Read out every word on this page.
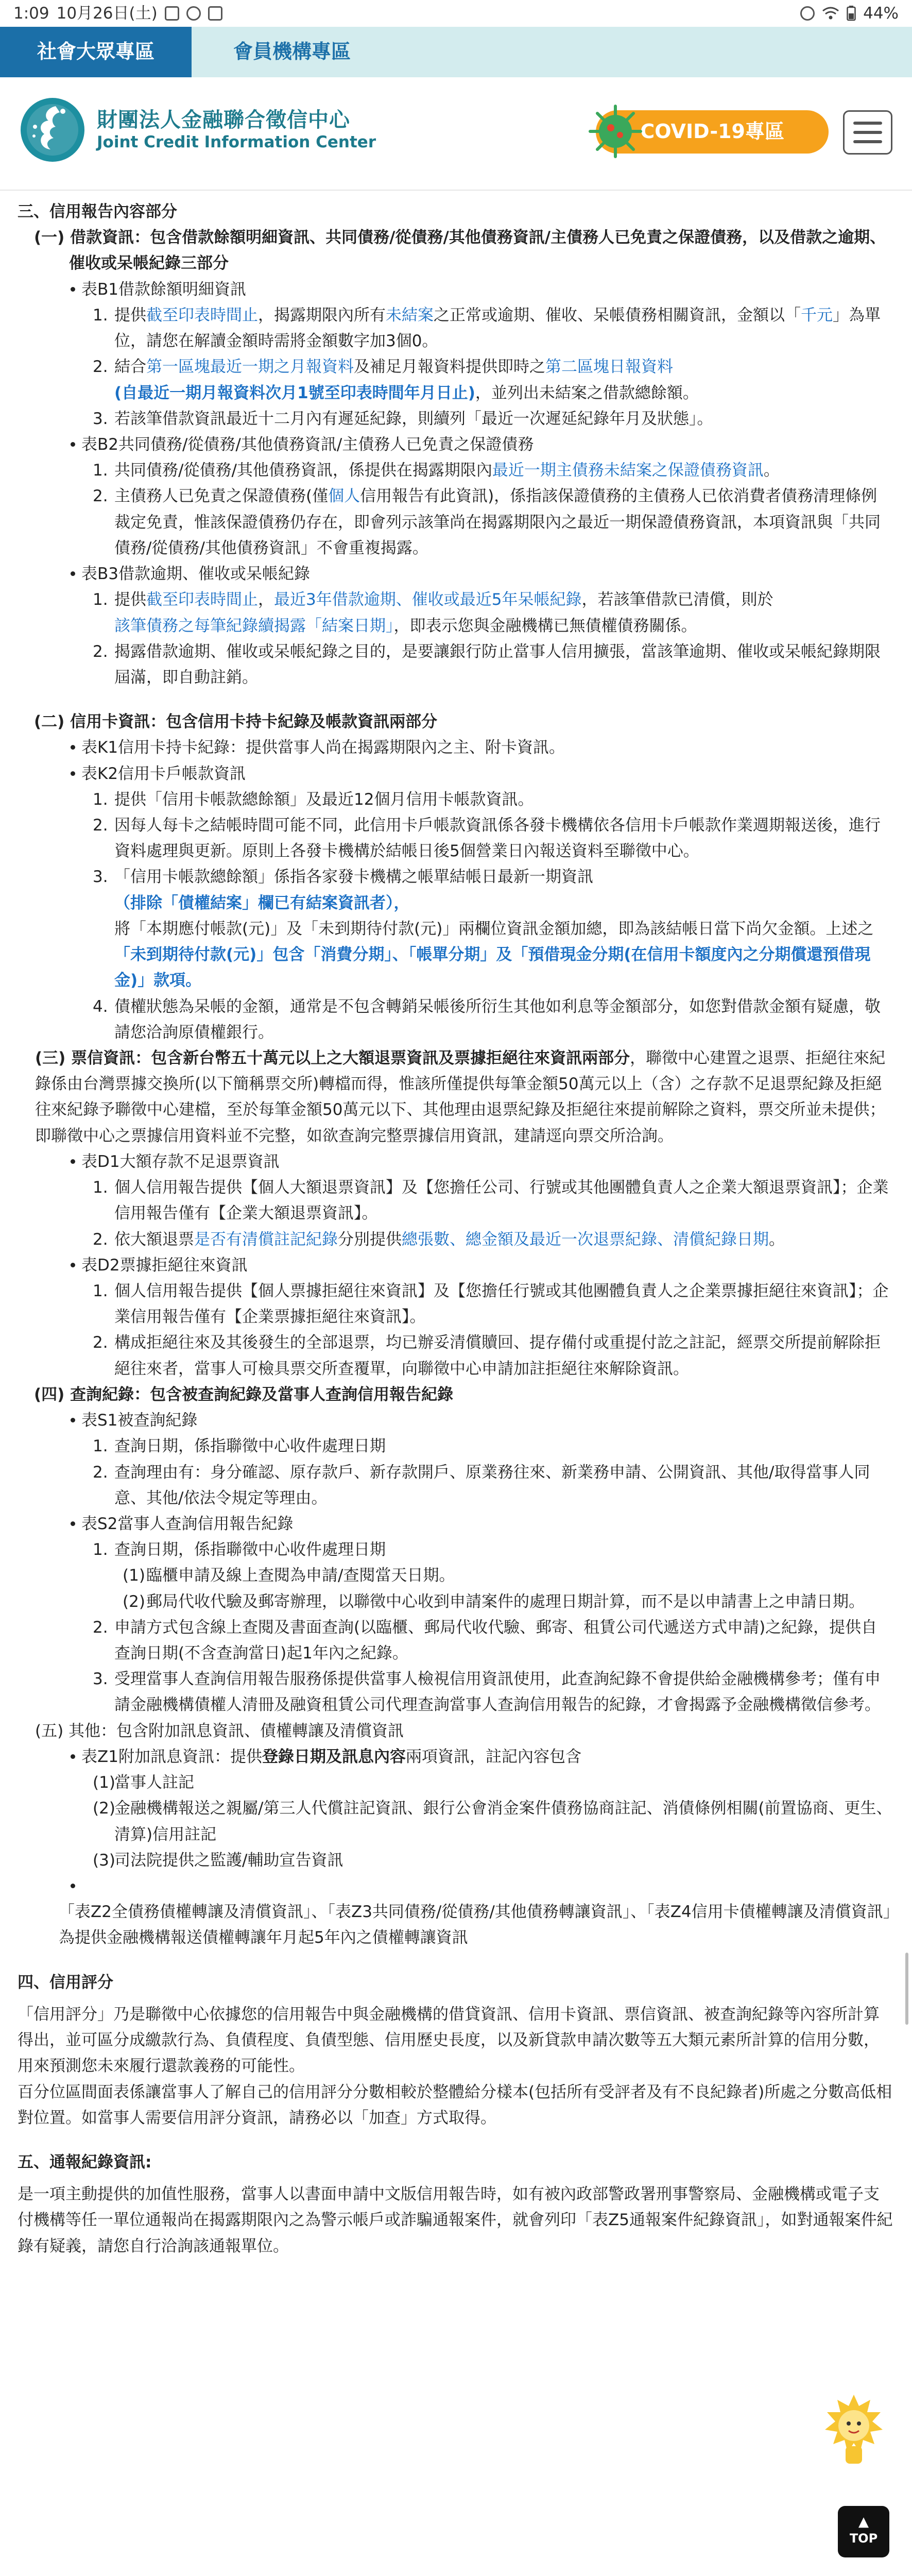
1:09 10月26日(土)	44%
社會大眾專區	會員機構專區
財團法人金融聯合徵信中心
Joint Credit Information Center	COVID-19專區
三、信用報告內容部分
(一) 借款資訊：包含借款餘額明細資訊、共同債務/從債務/其他債務資訊/主債務人已免責之保證債務，以及借款之逾期、催收或呆帳紀錄三部分
表B1借款餘額明細資訊
1. 提供截至印表時間止，揭露期限內所有未結案之正常或逾期、催收、呆帳債務相關資訊，金額以「千元」為單位，請您在解讀金額時需將金額數字加3個0。
2. 結合第一區塊最近一期之月報資料及補足月報資料提供即時之第二區塊日報資料
(自最近一期月報資料次月1號至印表時間年月日止)，並列出未結案之借款總餘額。
3. 若該筆借款資訊最近十二月內有遲延紀錄，則續列「最近一次遲延紀錄年月及狀態」。
表B2共同債務/從債務/其他債務資訊/主債務人已免責之保證債務
1. 共同債務/從債務/其他債務資訊，係提供在揭露期限內最近一期主債務未結案之保證債務資訊。
2. 主債務人已免責之保證債務(僅個人信用報告有此資訊)，係指該保證債務的主債務人已依消費者債務清理條例裁定免責，惟該保證債務仍存在，即會列示該筆尚在揭露期限內之最近一期保證債務資訊，本項資訊與「共同債務/從債務/其他債務資訊」不會重複揭露。
表B3借款逾期、催收或呆帳紀錄
1. 提供截至印表時間止，最近3年借款逾期、催收或最近5年呆帳紀錄，若該筆借款已清償，則於
該筆債務之每筆紀錄續揭露「結案日期」，即表示您與金融機構已無債權債務關係。
2. 揭露借款逾期、催收或呆帳紀錄之目的，是要讓銀行防止當事人信用擴張，當該筆逾期、催收或呆帳紀錄期限屆滿，即自動註銷。
(二) 信用卡資訊：包含信用卡持卡紀錄及帳款資訊兩部分
表K1信用卡持卡紀錄：提供當事人尚在揭露期限內之主、附卡資訊。
表K2信用卡戶帳款資訊
1. 提供「信用卡帳款總餘額」及最近12個月信用卡帳款資訊。
2. 因每人每卡之結帳時間可能不同，此信用卡戶帳款資訊係各發卡機構依各信用卡戶帳款作業週期報送後，進行資料處理與更新。原則上各發卡機構於結帳日後5個營業日內報送資料至聯徵中心。
3. 「信用卡帳款總餘額」係指各家發卡機構之帳單結帳日最新一期資訊
（排除「債權結案」欄已有結案資訊者），
將「本期應付帳款(元)」及「未到期待付款(元)」兩欄位資訊金額加總，即為該結帳日當下尚欠金額。上述之「未到期待付款(元)」包含「消費分期」、「帳單分期」及「預借現金分期(在信用卡額度內之分期償還預借現金)」款項。
4. 債權狀態為呆帳的金額，通常是不包含轉銷呆帳後所衍生其他如利息等金額部分，如您對借款金額有疑慮，敬請您洽詢原債權銀行。
(三) 票信資訊：包含新台幣五十萬元以上之大額退票資訊及票據拒絕往來資訊兩部分，聯徵中心建置之退票、拒絕往來紀錄係由台灣票據交換所(以下簡稱票交所)轉檔而得，惟該所僅提供每筆金額50萬元以上（含）之存款不足退票紀錄及拒絕往來紀錄予聯徵中心建檔，至於每筆金額50萬元以下、其他理由退票紀錄及拒絕往來提前解除之資料，票交所並未提供；即聯徵中心之票據信用資料並不完整，如欲查詢完整票據信用資訊，建請逕向票交所洽詢。
表D1大額存款不足退票資訊
1. 個人信用報告提供【個人大額退票資訊】及【您擔任公司、行號或其他團體負責人之企業大額退票資訊】；企業信用報告僅有【企業大額退票資訊】。
2. 依大額退票是否有清償註記紀錄分別提供總張數、總金額及最近一次退票紀錄、清償紀錄日期。
表D2票據拒絕往來資訊
1. 個人信用報告提供【個人票據拒絕往來資訊】及【您擔任行號或其他團體負責人之企業票據拒絕往來資訊】；企業信用報告僅有【企業票據拒絕往來資訊】。
2. 構成拒絕往來及其後發生的全部退票，均已辦妥清償贖回、提存備付或重提付訖之註記，經票交所提前解除拒絕往來者，當事人可檢具票交所查覆單，向聯徵中心申請加註拒絕往來解除資訊。
(四) 查詢紀錄：包含被查詢紀錄及當事人查詢信用報告紀錄
表S1被查詢紀錄
1. 查詢日期，係指聯徵中心收件處理日期
2. 查詢理由有：身分確認、原存款戶、新存款開戶、原業務往來、新業務申請、公開資訊、其他/取得當事人同意、其他/依法令規定等理由。
表S2當事人查詢信用報告紀錄
1. 查詢日期，係指聯徵中心收件處理日期
(1) 臨櫃申請及線上查閱為申請/查閱當天日期。
(2) 郵局代收代驗及郵寄辦理，以聯徵中心收到申請案件的處理日期計算，而不是以申請書上之申請日期。
2. 申請方式包含線上查閱及書面查詢(以臨櫃、郵局代收代驗、郵寄、租賃公司代遞送方式申請)之紀錄，提供自查詢日期(不含查詢當日)起1年內之紀錄。
3. 受理當事人查詢信用報告服務係提供當事人檢視信用資訊使用，此查詢紀錄不會提供給金融機構參考；僅有申請金融機構債權人清冊及融資租賃公司代理查詢當事人查詢信用報告的紀錄，才會揭露予金融機構徵信參考。
(五) 其他：包含附加訊息資訊、債權轉讓及清償資訊
表Z1附加訊息資訊：提供登錄日期及訊息內容兩項資訊，註記內容包含
(1)
當事人註記
(2)
金融機構報送之親屬/第三人代償註記資訊、銀行公會消金案件債務協商註記、消債條例相關(前置協商、更生、清算)信用註記
(3)
司法院提供之監護/輔助宣告資訊

「表Z2全債務債權轉讓及清償資訊」、「表Z3共同債務/從債務/其他債務轉讓資訊」、「表Z4信用卡債權轉讓及清償資訊」為提供金融機構報送債權轉讓年月起5年內之債權轉讓資訊
四、信用評分
「信用評分」乃是聯徵中心依據您的信用報告中與金融機構的借貸資訊、信用卡資訊、票信資訊、被查詢紀錄等內容所計算得出，並可區分成繳款行為、負債程度、負債型態、信用歷史長度，以及新貸款申請次數等五大類元素所計算的信用分數，用來預測您未來履行還款義務的可能性。
百分位區間面表係讓當事人了解自己的信用評分分數相較於整體給分樣本(包括所有受評者及有不良紀錄者)所處之分數高低相對位置。如當事人需要信用評分資訊，請務必以「加查」方式取得。
五、通報紀錄資訊:
是一項主動提供的加值性服務，當事人以書面申請中文版信用報告時，如有被內政部警政署刑事警察局、金融機構或電子支付機構等任一單位通報尚在揭露期限內之為警示帳戶或詐騙通報案件，就會列印「表Z5通報案件紀錄資訊」，如對通報案件紀錄有疑義，請您自行洽詢該通報單位。
▲
TOP
